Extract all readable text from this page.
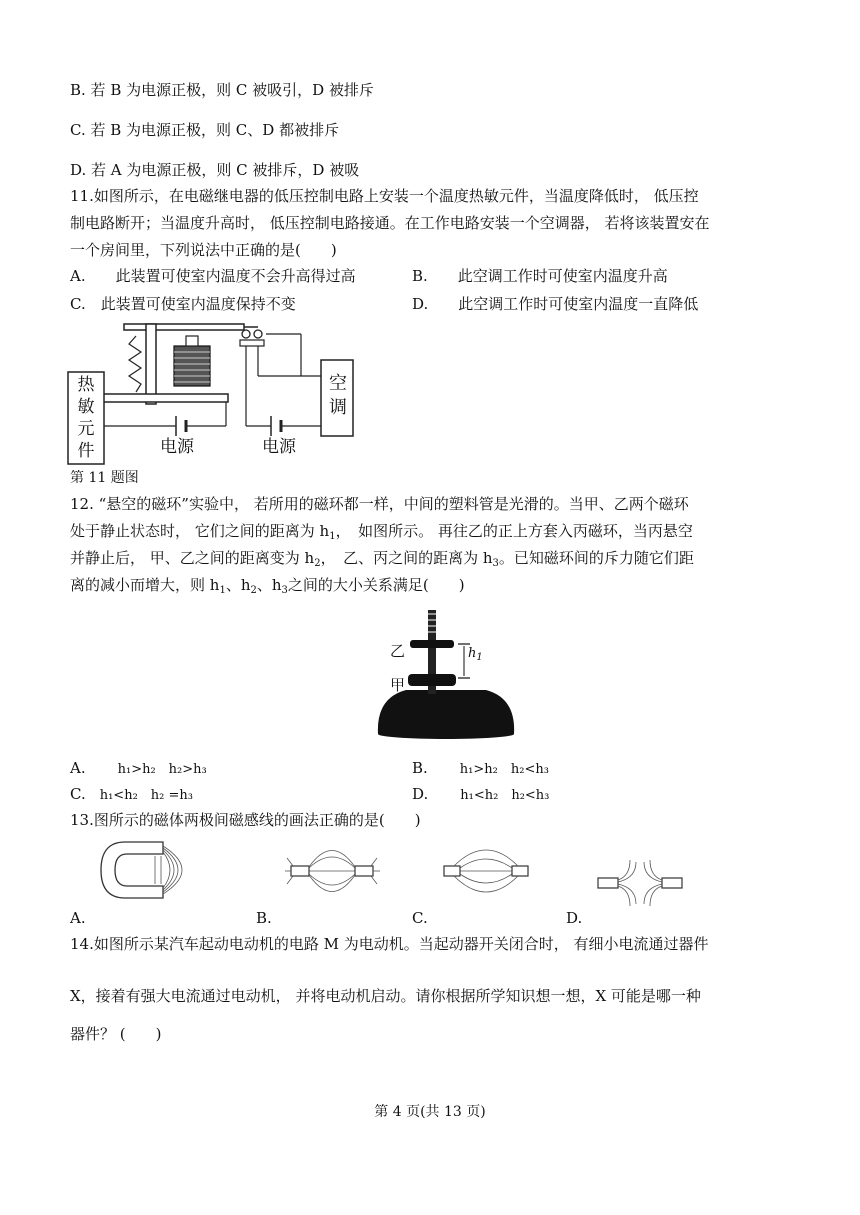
B. 若 B 为电源正极，则 C 被吸引，D 被排斥
C. 若 B 为电源正极，则 C、D 都被排斥
D. 若 A 为电源正极，则 C 被排斥，D 被吸
11.如图所示，在电磁继电器的低压控制电路上安装一个温度热敏元件，当温度降低时， 低压控
制电路断开；当温度升高时， 低压控制电路接通。在工作电路安装一个空调器， 若将该装置安在
一个房间里，下列说法中正确的是(　　)
A.　　此装置可使室内温度不会升高得过高	B.　　此空调工作时可使室内温度升高
C.　此装置可使室内温度保持不变	D.　　此空调工作时可使室内温度一直降低
热
敏
元
件
空
调
电源	电源
第 11 题图
12. “悬空的磁环”实验中， 若所用的磁环都一样，中间的塑料管是光滑的。当甲、乙两个磁环
处于静止状态时， 它们之间的距离为 $h_1$，　如图所示。 再往乙的正上方套入丙磁环，当丙悬空
并静止后， 甲、乙之间的距离变为 $h_2$，　乙、丙之间的距离为 $h_3$。已知磁环间的斥力随它们距
离的减小而增大，则 $h_1$、$h_2$、$h_3$之间的大小关系满足(　　)
乙
甲
$h_1$
A. h₁>h₂　h₂>h₃	B. h₁>h₂　h₂<h₃
C. h₁<h₂　h₂ =h₃	D. h₁<h₂　h₂<h₃
13.图所示的磁体两极间磁感线的画法正确的是(　　)
A.	B.	C.	D.
14.如图所示某汽车起动电动机的电路 M 为电动机。当起动器开关闭合时， 有细小电流通过器件
X，接着有强大电流通过电动机， 并将电动机启动。请你根据所学知识想一想，X 可能是哪一种
器件？ (　　)
第 4 页(共 13 页)
